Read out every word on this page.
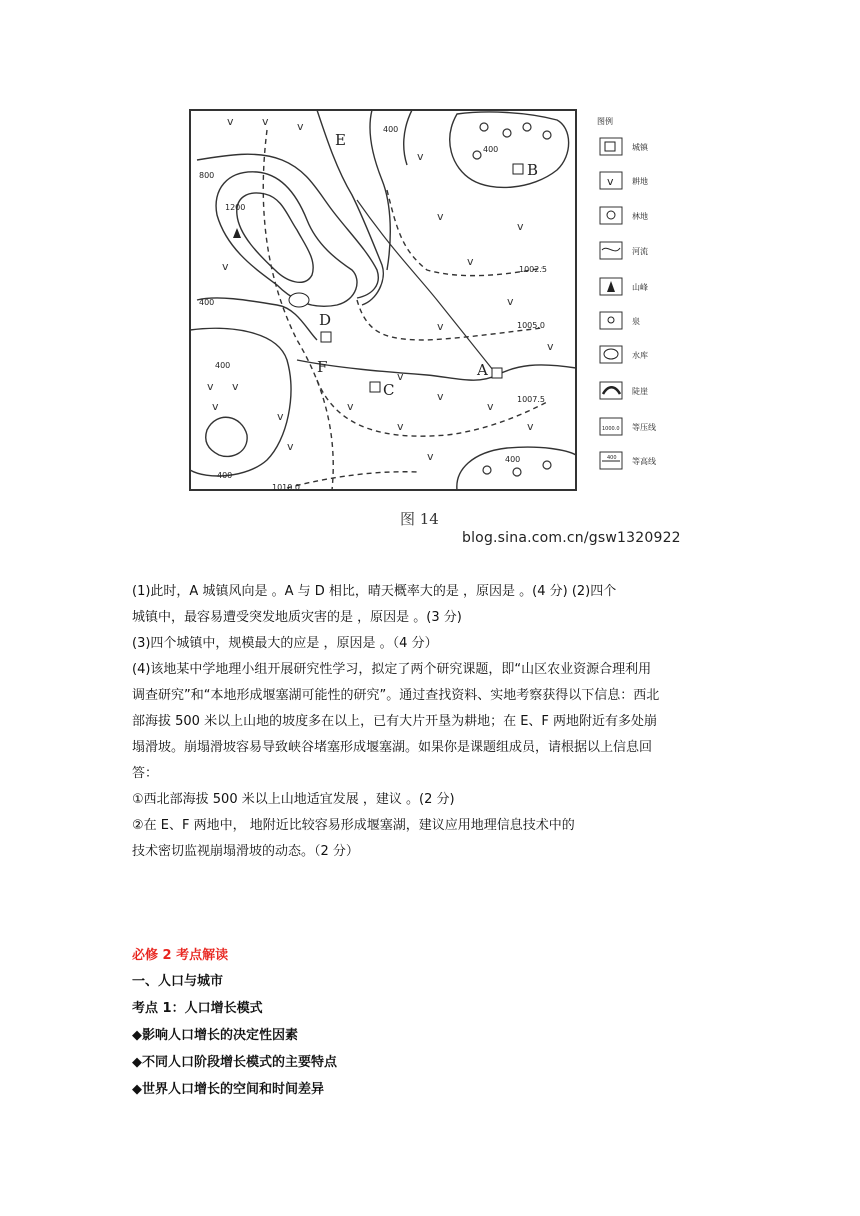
v	v	v
v
v v
v
v
v
v
v
v
v
v
v
v
v
v
v
v
v
v
v
E
B
D
F
C
A
400
400
800
1200
400
400
400
400
1002.5
1005.0
1007.5
1010.0
图例
城镇
v 耕地
林地
河流
山峰
泉
水库
陡崖
1000.0 等压线
400 等高线
图 14
blog.sina.com.cn/gsw1320922
(1)此时，A 城镇风向是 。A 与 D 相比，晴天概率大的是 ，原因是 。(4 分) (2)四个
城镇中，最容易遭受突发地质灾害的是 ，原因是 。(3 分)
(3)四个城镇中，规模最大的应是 ，原因是 。（4 分）
(4)该地某中学地理小组开展研究性学习，拟定了两个研究课题，即“山区农业资源合理利用
调查研究”和“本地形成堰塞湖可能性的研究”。通过查找资料、实地考察获得以下信息：西北
部海拔 500 米以上山地的坡度多在以上，已有大片开垦为耕地；在 E、F 两地附近有多处崩
塌滑坡。崩塌滑坡容易导致峡谷堵塞形成堰塞湖。如果你是课题组成员，请根据以上信息回
答：
①西北部海拔 500 米以上山地适宜发展 ，建议 。(2 分)
②在 E、F 两地中， 地附近比较容易形成堰塞湖，建议应用地理信息技术中的
技术密切监视崩塌滑坡的动态。（2 分）
必修 2 考点解读
一、人口与城市
考点 1：人口增长模式
◆影响人口增长的决定性因素
◆不同人口阶段增长模式的主要特点
◆世界人口增长的空间和时间差异
